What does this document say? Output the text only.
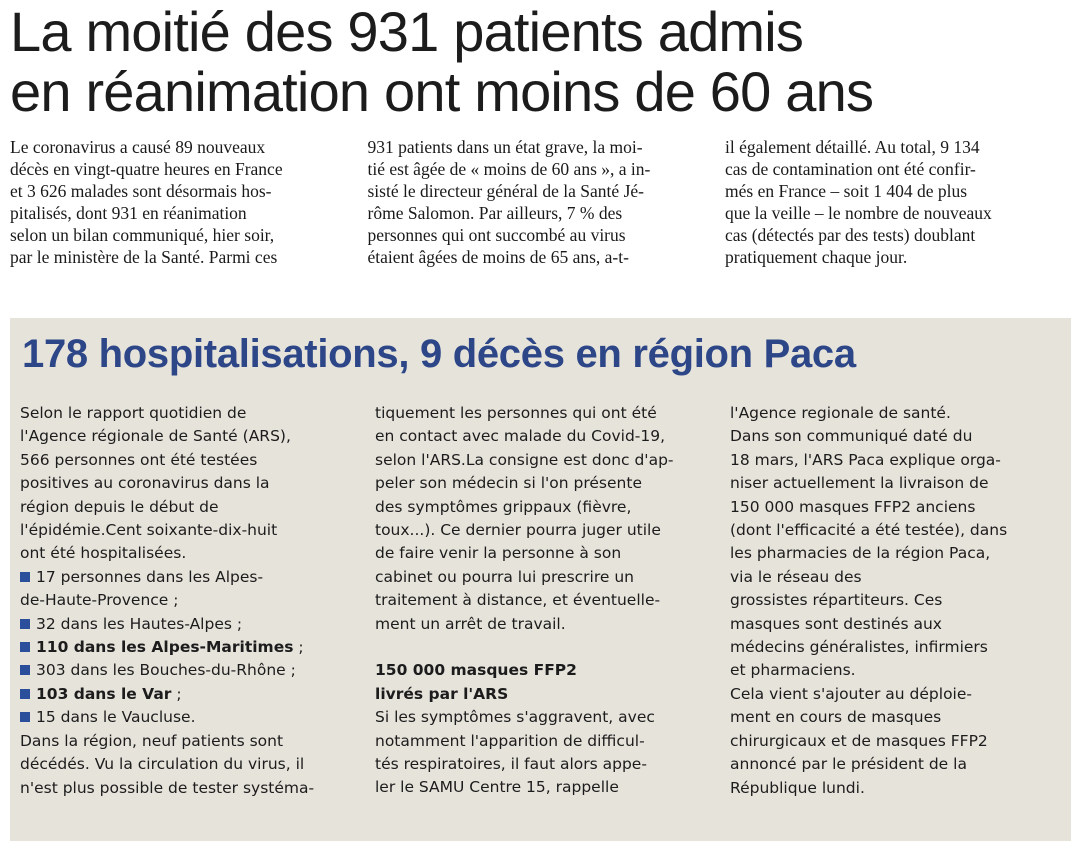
La moitié des 931 patients admis
en réanimation ont moins de 60 ans
Le coronavirus a causé 89 nouveaux
décès en vingt-quatre heures en France
et 3 626 malades sont désormais hos-
pitalisés, dont 931 en réanimation
selon un bilan communiqué, hier soir,
par le ministère de la Santé. Parmi ces
931 patients dans un état grave, la moi-
tié est âgée de « moins de 60 ans », a in-
sisté le directeur général de la Santé Jé-
rôme Salomon. Par ailleurs, 7 % des
personnes qui ont succombé au virus
étaient âgées de moins de 65 ans, a-t-
il également détaillé. Au total, 9 134
cas de contamination ont été confir-
més en France – soit 1 404 de plus
que la veille – le nombre de nouveaux
cas (détectés par des tests) doublant
pratiquement chaque jour.
178 hospitalisations, 9 décès en région Paca
Selon le rapport quotidien de
l'Agence régionale de Santé (ARS),
566 personnes ont été testées
positives au coronavirus dans la
région depuis le début de
l'épidémie.Cent soixante-dix-huit
ont été hospitalisées.
17 personnes dans les Alpes-
de-Haute-Provence ;
32 dans les Hautes-Alpes ;
110 dans les Alpes-Maritimes ;
303 dans les Bouches-du-Rhône ;
103 dans le Var ;
15 dans le Vaucluse.
Dans la région, neuf patients sont
décédés. Vu la circulation du virus, il
n'est plus possible de tester systéma-
tiquement les personnes qui ont été
en contact avec malade du Covid-19,
selon l'ARS.La consigne est donc d'ap-
peler son médecin si l'on présente
des symptômes grippaux (fièvre,
toux...). Ce dernier pourra juger utile
de faire venir la personne à son
cabinet ou pourra lui prescrire un
traitement à distance, et éventuelle-
ment un arrêt de travail.
150 000 masques FFP2
livrés par l'ARS
Si les symptômes s'aggravent, avec
notamment l'apparition de difficul-
tés respiratoires, il faut alors appe-
ler le SAMU Centre 15, rappelle
l'Agence regionale de santé.
Dans son communiqué daté du
18 mars, l'ARS Paca explique orga-
niser actuellement la livraison de
150 000 masques FFP2 anciens
(dont l'efficacité a été testée), dans
les pharmacies de la région Paca,
via le réseau des
grossistes répartiteurs. Ces
masques sont destinés aux
médecins généralistes, infirmiers
et pharmaciens.
Cela vient s'ajouter au déploie-
ment en cours de masques
chirurgicaux et de masques FFP2
annoncé par le président de la
République lundi.
